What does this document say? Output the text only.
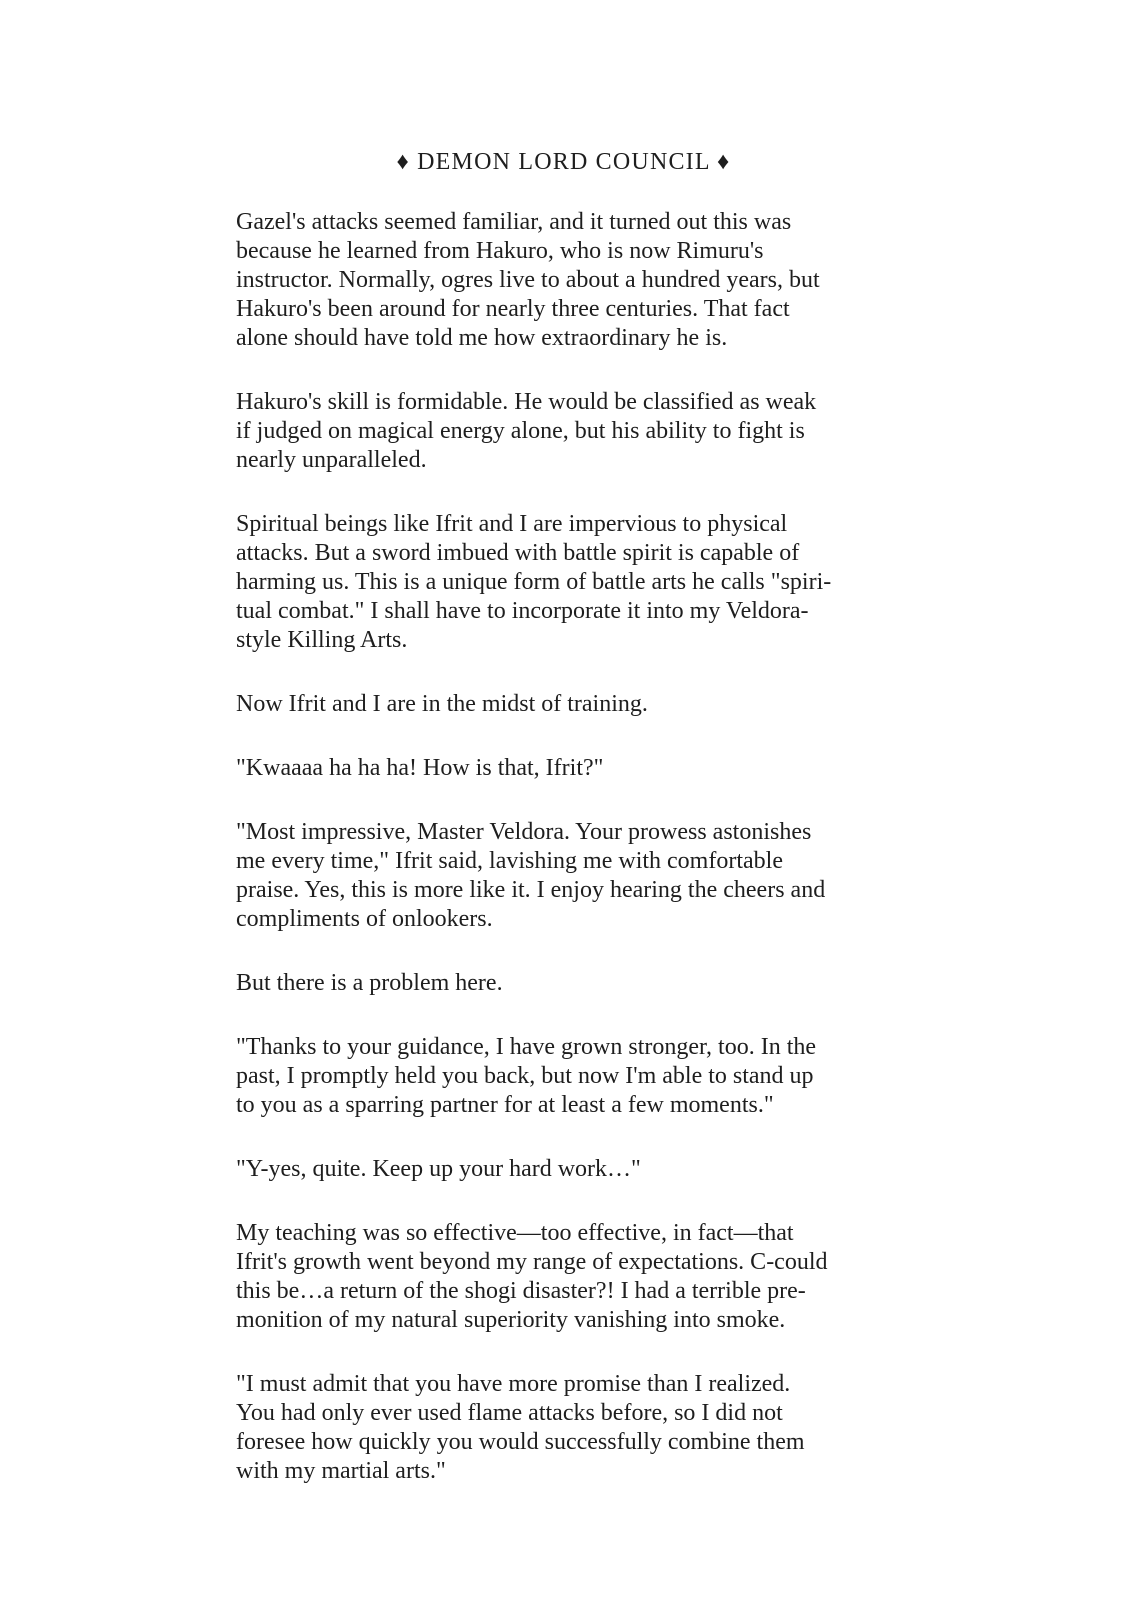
♦ DEMON LORD COUNCIL ♦

Gazel's attacks seemed familiar, and it turned out this was
because he learned from Hakuro, who is now Rimuru's
instructor. Normally, ogres live to about a hundred years, but
Hakuro's been around for nearly three centuries. That fact
alone should have told me how extraordinary he is.

Hakuro's skill is formidable. He would be classified as weak
if judged on magical energy alone, but his ability to fight is
nearly unparalleled.

Spiritual beings like Ifrit and I are impervious to physical
attacks. But a sword imbued with battle spirit is capable of
harming us. This is a unique form of battle arts he calls "spiri-
tual combat." I shall have to incorporate it into my Veldora-
style Killing Arts.

Now Ifrit and I are in the midst of training.

"Kwaaaa ha ha ha! How is that, Ifrit?"

"Most impressive, Master Veldora. Your prowess astonishes
me every time," Ifrit said, lavishing me with comfortable
praise. Yes, this is more like it. I enjoy hearing the cheers and
compliments of onlookers.

But there is a problem here.

"Thanks to your guidance, I have grown stronger, too. In the
past, I promptly held you back, but now I'm able to stand up
to you as a sparring partner for at least a few moments."

"Y-yes, quite. Keep up your hard work…"

My teaching was so effective—too effective, in fact—that
Ifrit's growth went beyond my range of expectations. C-could
this be…a return of the shogi disaster?! I had a terrible pre-
monition of my natural superiority vanishing into smoke.

"I must admit that you have more promise than I realized.
You had only ever used flame attacks before, so I did not
foresee how quickly you would successfully combine them
with my martial arts."
